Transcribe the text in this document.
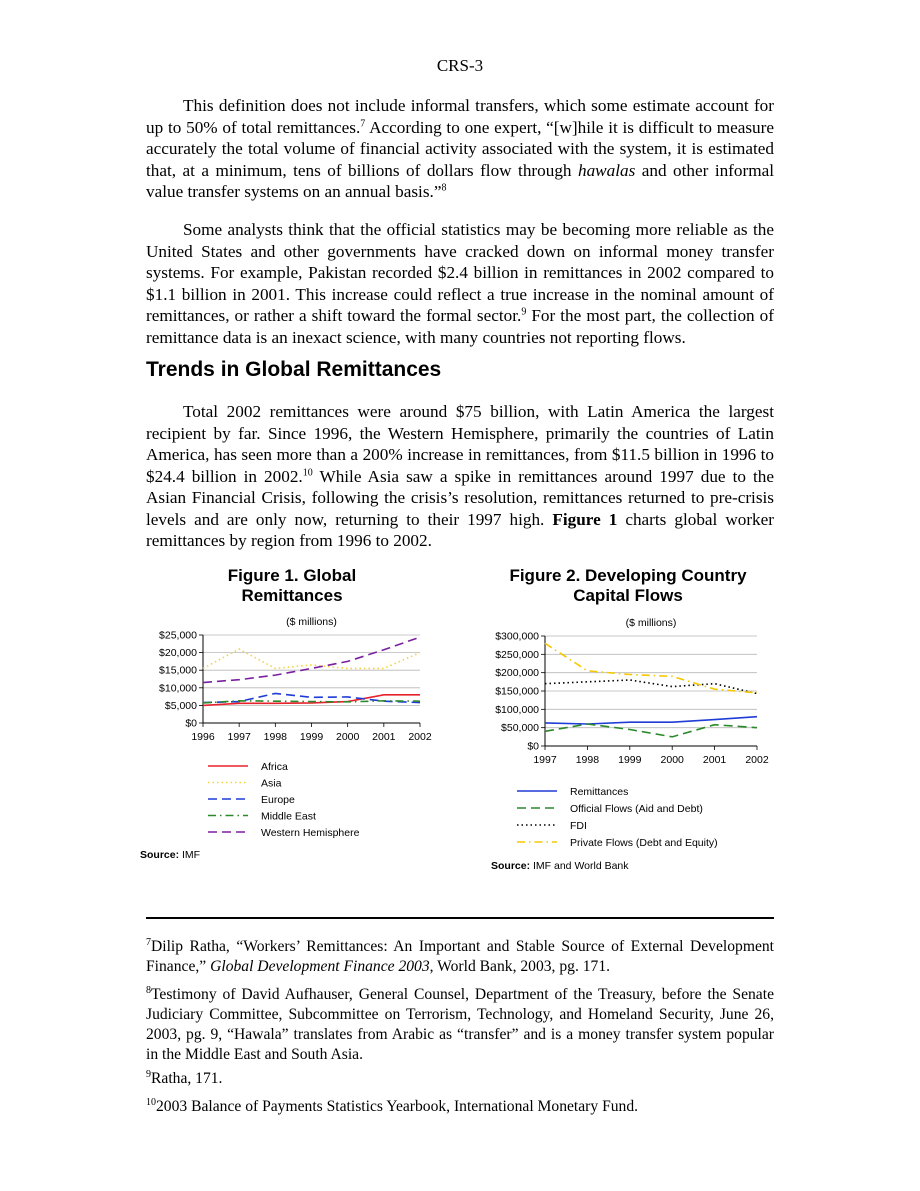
CRS-3

This definition does not include informal transfers, which some estimate account for up to 50% of total remittances.$^7$ According to one expert, “[w]hile it is difficult to measure accurately the total volume of financial activity associated with the system, it is estimated that, at a minimum, tens of billions of dollars flow through hawalas and other informal value transfer systems on an annual basis.”$^8$

Some analysts think that the official statistics may be becoming more reliable as the United States and other governments have cracked down on informal money transfer systems. For example, Pakistan recorded $2.4 billion in remittances in 2002 compared to $1.1 billion in 2001. This increase could reflect a true increase in the nominal amount of remittances, or rather a shift toward the formal sector.$^9$ For the most part, the collection of remittance data is an inexact science, with many countries not reporting flows.

Trends in Global Remittances

Total 2002 remittances were around $75 billion, with Latin America the largest recipient by far. Since 1996, the Western Hemisphere, primarily the countries of Latin America, has seen more than a 200% increase in remittances, from $11.5 billion in 1996 to $24.4 billion in 2002.10 While Asia saw a spike in remittances around 1997 due to the Asian Financial Crisis, following the crisis’s resolution, remittances returned to pre-crisis levels and are only now, returning to their 1997 high. Figure 1 charts global worker remittances by region from 1996 to 2002.

Figure 1. Global
Remittances
Figure 2. Developing Country
Capital Flows
($ millions)
$0
$5,000
$10,000
$15,000
$20,000
$25,000
1996 1997 1998 1999 2000 2001 2002
Africa
Asia
Europe
Middle East
Western Hemisphere
Source: IMF
($ millions)
$0
$50,000
$100,000
$150,000
$200,000
$250,000
$300,000
1997 1998 1999 2000 2001 2002
Remittances
Official Flows (Aid and Debt)
FDI
Private Flows (Debt and Equity)
Source: IMF and World Bank

$^7$Dilip Ratha, “Workers’ Remittances: An Important and Stable Source of External Development Finance,” Global Development Finance 2003, World Bank, 2003, pg. 171.

$^8$Testimony of David Aufhauser, General Counsel, Department of the Treasury, before the Senate Judiciary Committee, Subcommittee on Terrorism, Technology, and Homeland Security, June 26, 2003, pg. 9, “Hawala” translates from Arabic as “transfer” and is a money transfer system popular in the Middle East and South Asia.

$^9$Ratha, 171.

$^{10}$2003 Balance of Payments Statistics Yearbook, International Monetary Fund.
